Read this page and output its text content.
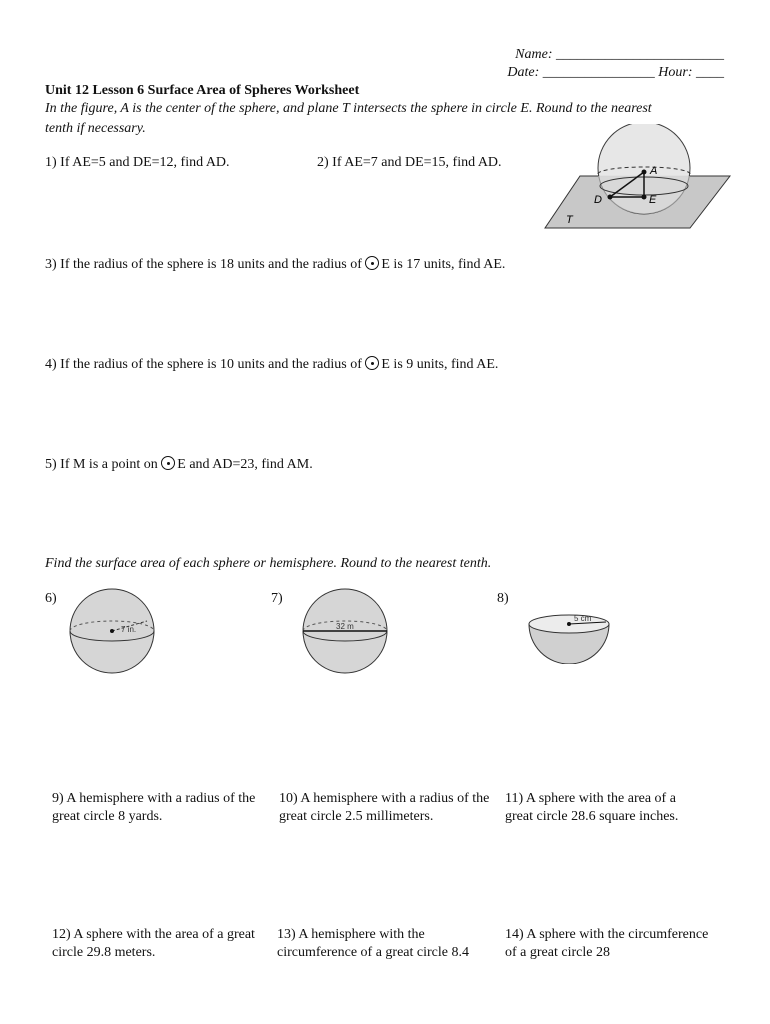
Name: ________________________
Date: ________________ Hour: ____
Unit 12 Lesson 6 Surface Area of Spheres Worksheet
In the figure, A is the center of the sphere, and plane T intersects the sphere in circle E. Round to the nearest
tenth if necessary.
1) If AE=5 and DE=12, find AD.	2) If AE=7 and DE=15, find AD.
A
D	E
T
3) If the radius of the sphere is 18 units and the radius of E is 17 units, find AE.
4) If the radius of the sphere is 10 units and the radius of E is 9 units, find AE.
5) If M is a point on E and AD=23, find AM.
Find the surface area of each sphere or hemisphere. Round to the nearest tenth.
6)	7)	8)
7 in.	32 m
5 cm
9) A hemisphere with a radius of the great circle 8 yards.
10) A hemisphere with a radius of the great circle 2.5 millimeters.
11) A sphere with the area of a great circle 28.6 square inches.
12) A sphere with the area of a great circle 29.8 meters.
13) A hemisphere with the circumference of a great circle 8.4
14) A sphere with the circumference of a great circle 28
